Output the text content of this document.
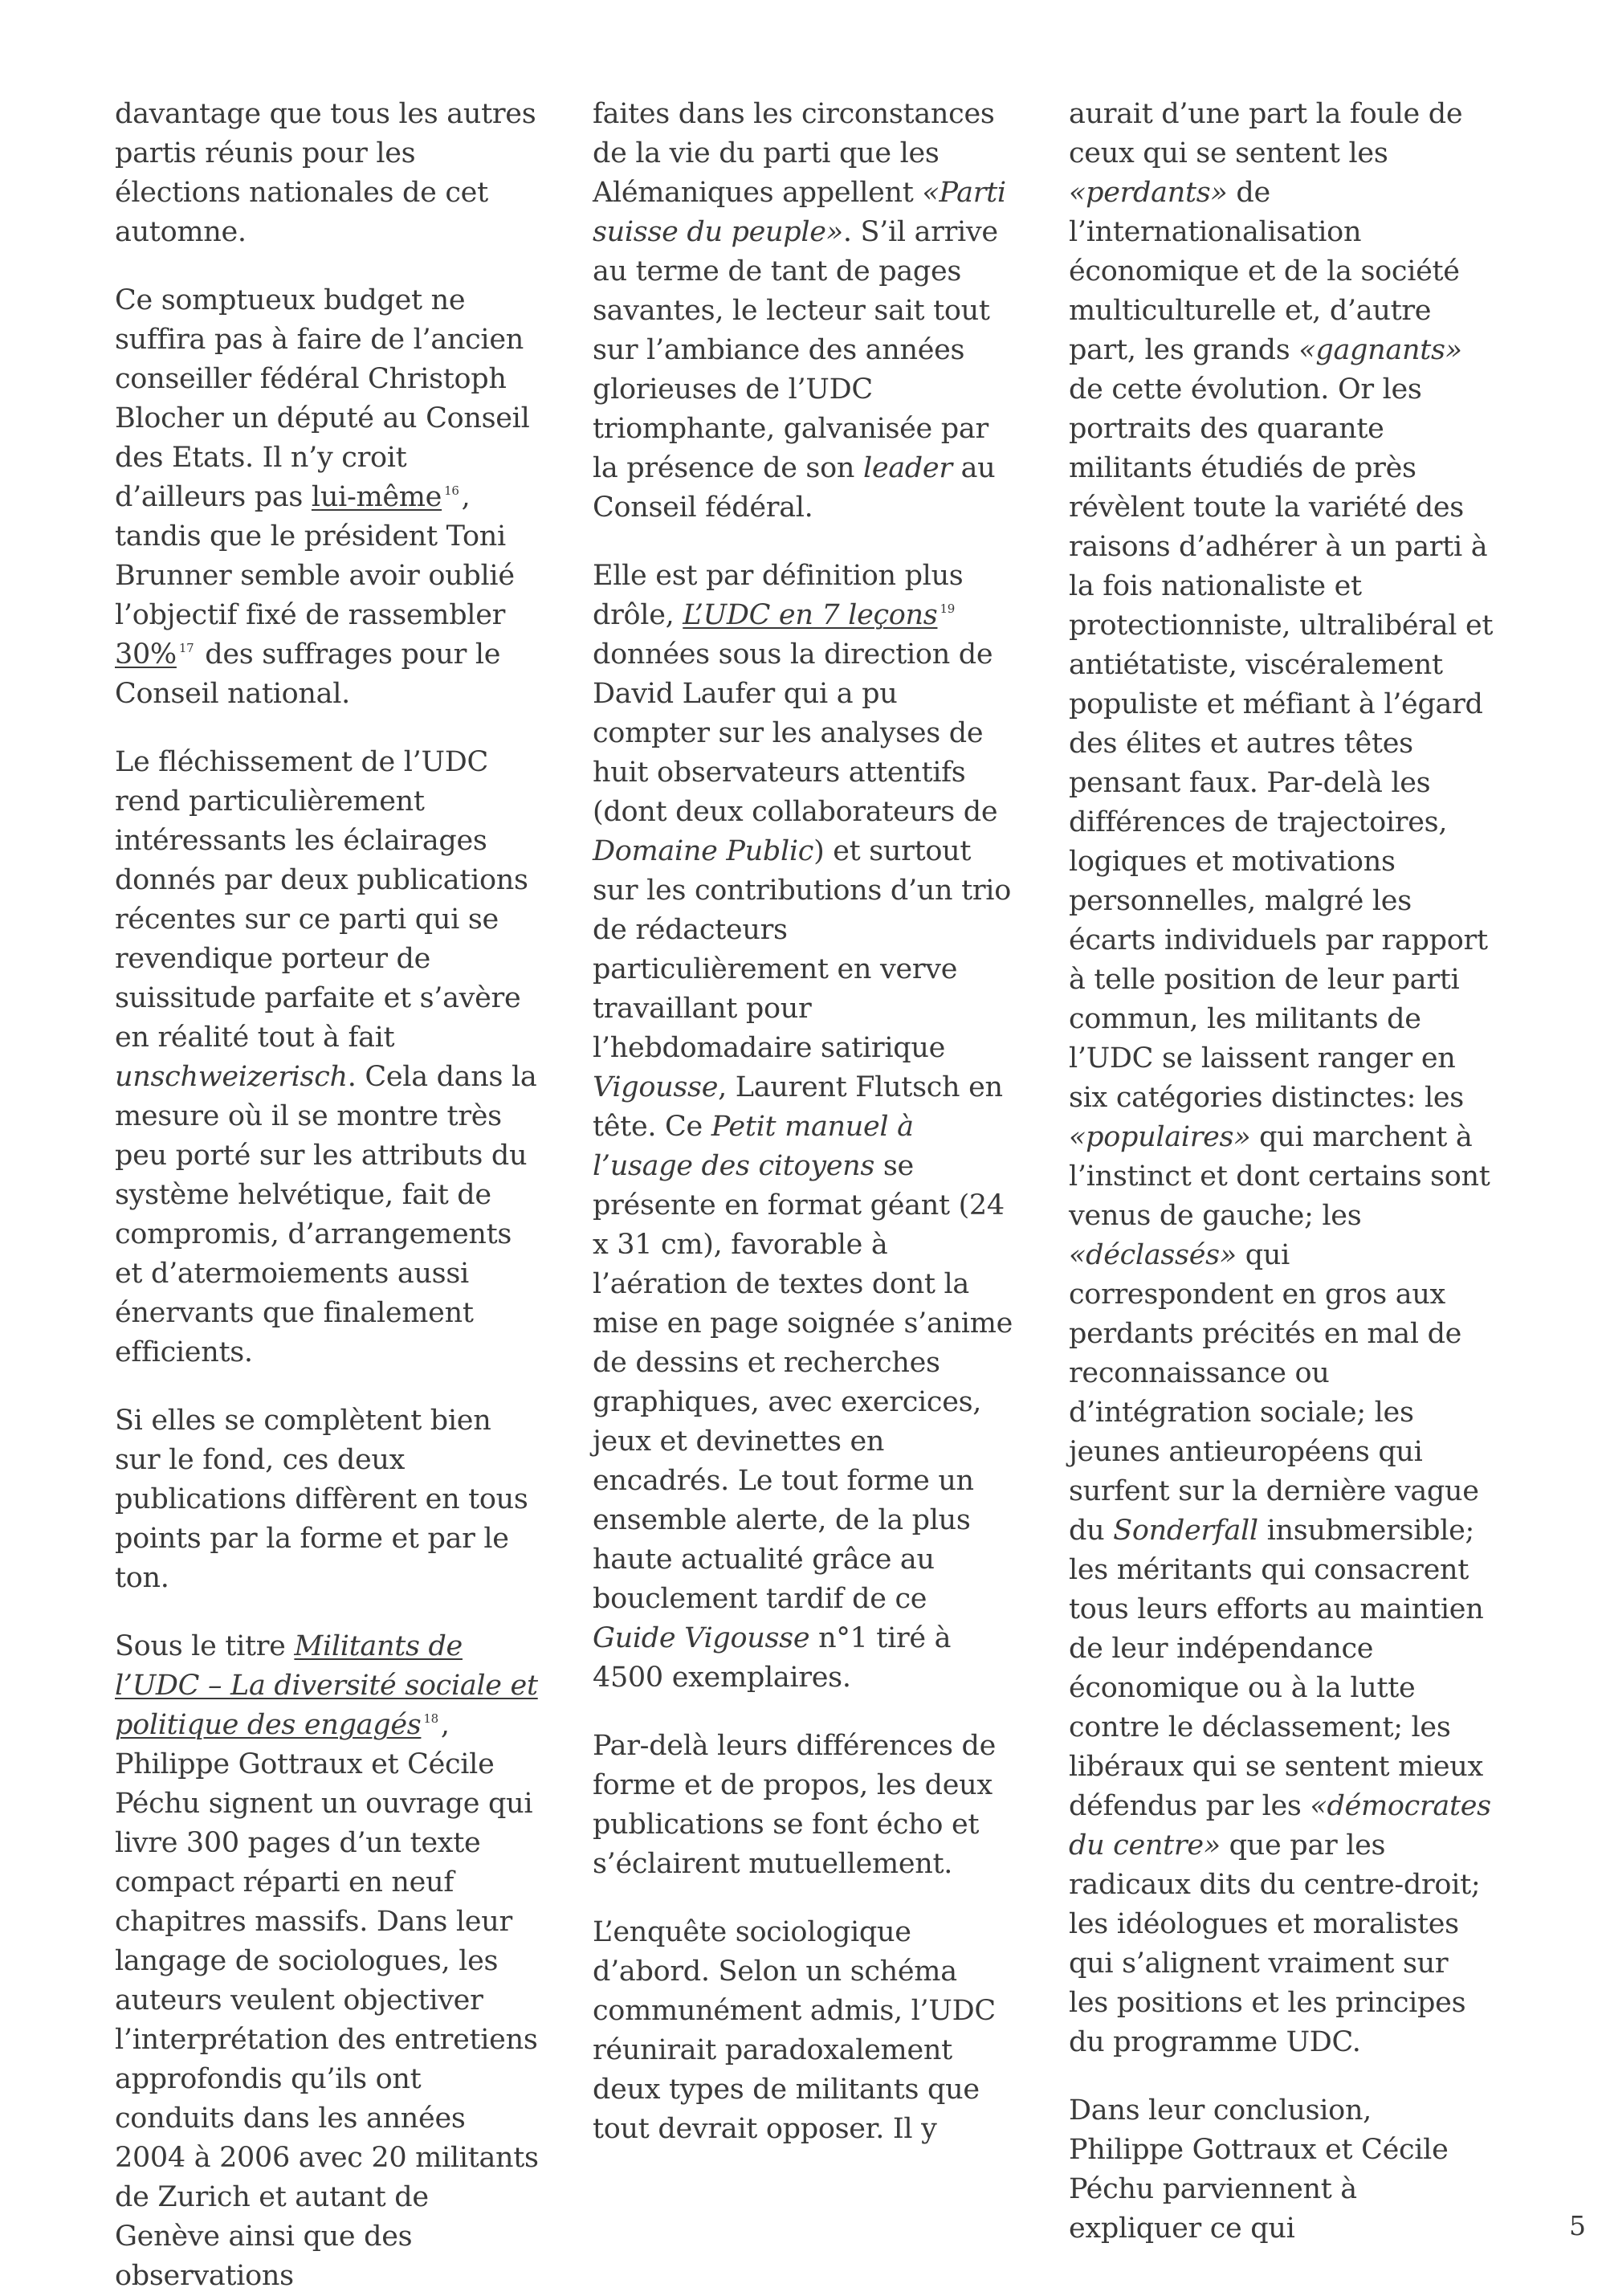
davantage que tous les autres partis réunis pour les élections nationales de cet automne.

Ce somptueux budget ne suffira pas à faire de l’ancien conseiller fédéral Christoph Blocher un député au Conseil des Etats. Il n’y croit d’ailleurs pas lui-même $^{16}$, tandis que le président Toni Brunner semble avoir oublié l’objectif fixé de rassembler 30% $^{17}$ des suffrages pour le Conseil national.

Le fléchissement de l’UDC rend particulièrement intéressants les éclairages donnés par deux publications récentes sur ce parti qui se revendique porteur de suissitude parfaite et s’avère en réalité tout à fait unschweizerisch. Cela dans la mesure où il se montre très peu porté sur les attributs du système helvétique, fait de compromis, d’arrangements et d’atermoiements aussi énervants que finalement efficients.

Si elles se complètent bien sur le fond, ces deux publications diffèrent en tous points par la forme et par le ton.

Sous le titre Militants de l’UDC – La diversité sociale et politique des engagés $^{18}$, Philippe Gottraux et Cécile Péchu signent un ouvrage qui livre 300 pages d’un texte compact réparti en neuf chapitres massifs. Dans leur langage de sociologues, les auteurs veulent objectiver l’interprétation des entretiens approfondis qu’ils ont conduits dans les années 2004 à 2006 avec 20 militants de Zurich et autant de Genève ainsi que des observations

faites dans les circonstances de la vie du parti que les Alémaniques appellent «Parti suisse du peuple». S’il arrive au terme de tant de pages savantes, le lecteur sait tout sur l’ambiance des années glorieuses de l’UDC triomphante, galvanisée par la présence de son leader au Conseil fédéral.

Elle est par définition plus drôle, L’UDC en 7 leçons $^{19}$ données sous la direction de David Laufer qui a pu compter sur les analyses de huit observateurs attentifs (dont deux collaborateurs de Domaine Public) et surtout sur les contributions d’un trio de rédacteurs particulièrement en verve travaillant pour l’hebdomadaire satirique Vigousse, Laurent Flutsch en tête. Ce Petit manuel à l’usage des citoyens se présente en format géant (24 x 31 cm), favorable à l’aération de textes dont la mise en page soignée s’anime de dessins et recherches graphiques, avec exercices, jeux et devinettes en encadrés. Le tout forme un ensemble alerte, de la plus haute actualité grâce au bouclement tardif de ce Guide Vigousse n°1 tiré à 4500 exemplaires.

Par-delà leurs différences de forme et de propos, les deux publications se font écho et s’éclairent mutuellement.

L’enquête sociologique d’abord. Selon un schéma communément admis, l’UDC réunirait paradoxalement deux types de militants que tout devrait opposer. Il y

aurait d’une part la foule de ceux qui se sentent les «perdants» de l’internationalisation économique et de la société multiculturelle et, d’autre part, les grands «gagnants» de cette évolution. Or les portraits des quarante militants étudiés de près révèlent toute la variété des raisons d’adhérer à un parti à la fois nationaliste et protectionniste, ultralibéral et antiétatiste, viscéralement populiste et méfiant à l’égard des élites et autres têtes pensant faux. Par-delà les différences de trajectoires, logiques et motivations personnelles, malgré les écarts individuels par rapport à telle position de leur parti commun, les militants de l’UDC se laissent ranger en six catégories distinctes: les «populaires» qui marchent à l’instinct et dont certains sont venus de gauche; les «déclassés» qui correspondent en gros aux perdants précités en mal de reconnaissance ou d’intégration sociale; les jeunes antieuropéens qui surfent sur la dernière vague du Sonderfall insubmersible; les méritants qui consacrent tous leurs efforts au maintien de leur indépendance économique ou à la lutte contre le déclassement; les libéraux qui se sentent mieux défendus par les «démocrates du centre» que par les radicaux dits du centre-droit; les idéologues et moralistes qui s’alignent vraiment sur les positions et les principes du programme UDC.

Dans leur conclusion, Philippe Gottraux et Cécile Péchu parviennent à expliquer ce qui	5
